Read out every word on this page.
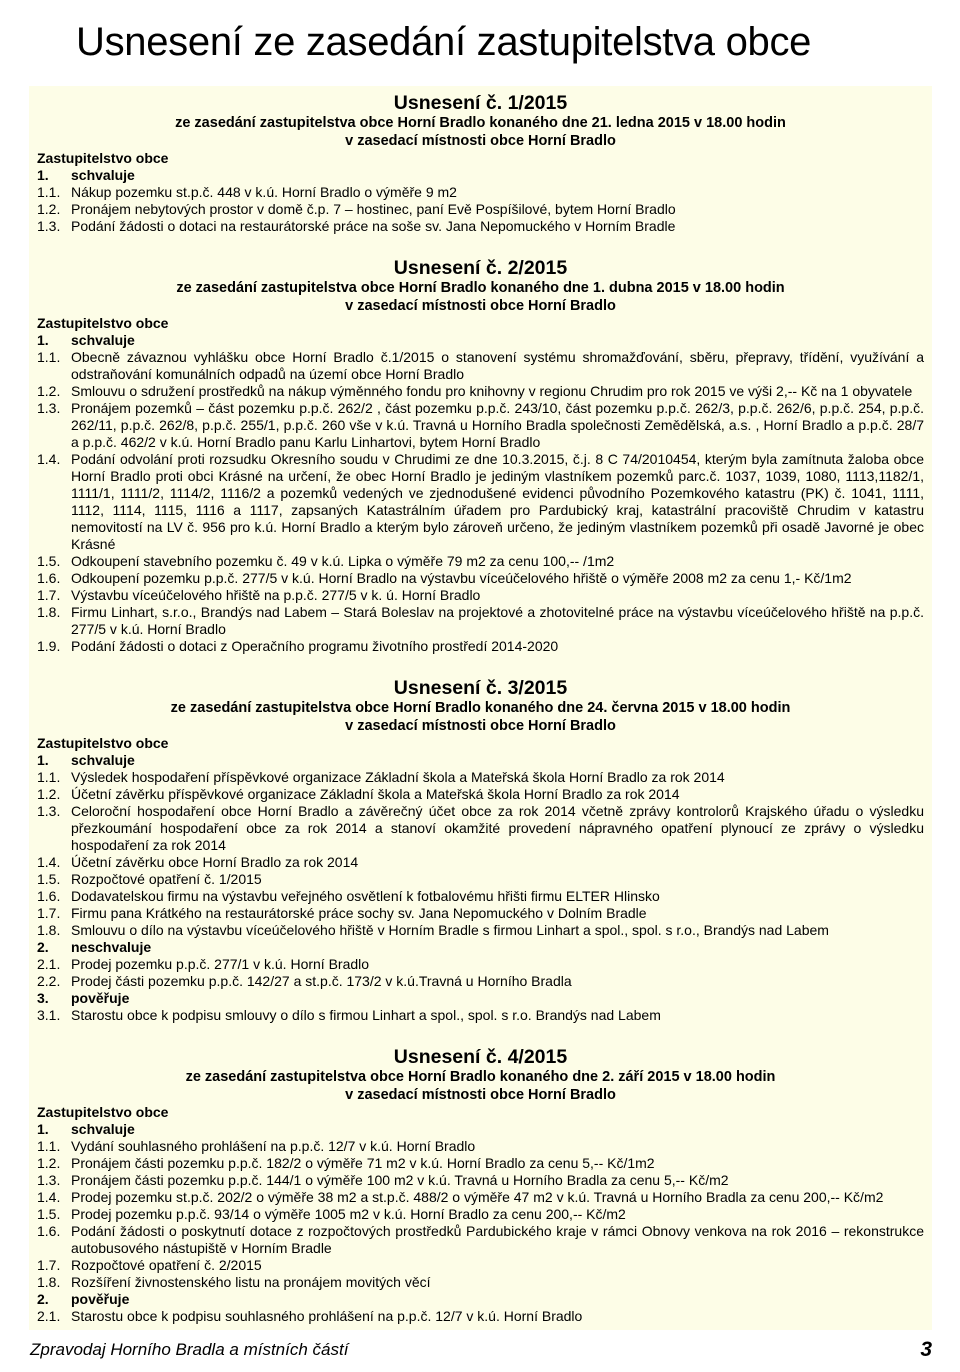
Usnesení ze zasedání zastupitelstva obce
Usnesení č. 1/2015
ze zasedání zastupitelstva obce Horní Bradlo konaného dne 21. ledna 2015 v 18.00 hodin
v zasedací místnosti obce Horní Bradlo
Zastupitelstvo obce
1.	schvaluje
1.1. Nákup pozemku st.p.č. 448 v k.ú. Horní Bradlo o výměře 9 m2
1.2. Pronájem nebytových prostor v domě č.p. 7 – hostinec, paní Evě Pospíšilové, bytem Horní Bradlo
1.3. Podání žádosti o dotaci na restaurátorské práce na soše sv. Jana Nepomuckého v Horním Bradle
Usnesení č. 2/2015
ze zasedání zastupitelstva obce Horní Bradlo konaného dne 1. dubna 2015 v 18.00 hodin
v zasedací místnosti obce Horní Bradlo
Zastupitelstvo obce
1.	schvaluje
1.1. Obecně závaznou vyhlášku obce Horní Bradlo č.1/2015 o stanovení systému shromažďování, sběru, přepravy, třídění, využívání a odstraňování komunálních odpadů na území obce Horní Bradlo
1.2. Smlouvu o sdružení prostředků na nákup výměnného fondu pro knihovny v regionu Chrudim pro rok 2015 ve výši 2,-- Kč na 1 obyvatele
1.3. Pronájem pozemků – část pozemku p.p.č. 262/2 , část pozemku p.p.č. 243/10, část pozemku p.p.č. 262/3, p.p.č. 262/6, p.p.č. 254, p.p.č. 262/11, p.p.č. 262/8, p.p.č. 255/1, p.p.č. 260 vše v k.ú. Travná u Horního Bradla společnosti Zemědělská, a.s. , Horní Bradlo a p.p.č. 28/7 a p.p.č. 462/2 v k.ú. Horní Bradlo panu Karlu Linhartovi, bytem Horní Bradlo
1.4. Podání odvolání proti rozsudku Okresního soudu v Chrudimi ze dne 10.3.2015, č.j. 8 C 74/2010454, kterým byla zamítnuta žaloba obce Horní Bradlo proti obci Krásné na určení, že obec Horní Bradlo je jediným vlastníkem pozemků parc.č. 1037, 1039, 1080, 1113,1182/1, 1111/1, 1111/2, 1114/2, 1116/2 a pozemků vedených ve zjednodušené evidenci původního Pozemkového katastru (PK) č. 1041, 1111, 1112, 1114, 1115, 1116 a 1117, zapsaných Katastrálním úřadem pro Pardubický kraj, katastrální pracoviště Chrudim v katastru nemovitostí na LV č. 956 pro k.ú. Horní Bradlo a kterým bylo zároveň určeno, že jediným vlastníkem pozemků při osadě Javorné je obec Krásné
1.5. Odkoupení stavebního pozemku č. 49 v k.ú. Lipka o výměře 79 m2 za cenu 100,-- /1m2
1.6. Odkoupení pozemku p.p.č. 277/5 v k.ú. Horní Bradlo na výstavbu víceúčelového hřiště o výměře 2008 m2 za cenu 1,- Kč/1m2
1.7. Výstavbu víceúčelového hřiště na p.p.č. 277/5 v k. ú. Horní Bradlo
1.8. Firmu Linhart, s.r.o., Brandýs nad Labem – Stará Boleslav na projektové a zhotovitelné práce na výstavbu víceúčelového hřiště na p.p.č. 277/5 v k.ú. Horní Bradlo
1.9. Podání žádosti o dotaci z Operačního programu životního prostředí 2014-2020
Usnesení č. 3/2015
ze zasedání zastupitelstva obce Horní Bradlo konaného dne 24. června 2015 v 18.00 hodin
v zasedací místnosti obce Horní Bradlo
Zastupitelstvo obce
1.	schvaluje
1.1. Výsledek hospodaření příspěvkové organizace Základní škola a Mateřská škola Horní Bradlo za rok 2014
1.2. Účetní závěrku příspěvkové organizace Základní škola a Mateřská škola Horní Bradlo za rok 2014
1.3. Celoroční hospodaření obce Horní Bradlo a závěrečný účet obce za rok 2014 včetně zprávy kontrolorů Krajského úřadu o výsledku přezkoumání hospodaření obce za rok 2014 a stanoví okamžité provedení nápravného opatření plynoucí ze zprávy o výsledku hospodaření za rok 2014
1.4. Účetní závěrku obce Horní Bradlo za rok 2014
1.5. Rozpočtové opatření č. 1/2015
1.6. Dodavatelskou firmu na výstavbu veřejného osvětlení k fotbalovému hřišti firmu ELTER Hlinsko
1.7. Firmu pana Krátkého na restaurátorské práce sochy sv. Jana Nepomuckého v Dolním Bradle
1.8. Smlouvu o dílo na výstavbu víceúčelového hřiště v Horním Bradle s firmou Linhart a spol., spol. s r.o., Brandýs nad Labem
2.	neschvaluje
2.1. Prodej pozemku p.p.č. 277/1 v k.ú. Horní Bradlo
2.2. Prodej části pozemku p.p.č. 142/27 a st.p.č. 173/2 v k.ú.Travná u Horního Bradla
3.	pověřuje
3.1. Starostu obce k podpisu smlouvy o dílo s firmou Linhart a spol., spol. s r.o. Brandýs nad Labem
Usnesení č. 4/2015
ze zasedání zastupitelstva obce Horní Bradlo konaného dne 2. září 2015 v 18.00 hodin
v zasedací místnosti obce Horní Bradlo
Zastupitelstvo obce
1.	schvaluje
1.1. Vydání souhlasného prohlášení na p.p.č. 12/7 v k.ú. Horní Bradlo
1.2. Pronájem části pozemku p.p.č. 182/2 o výměře 71 m2 v k.ú. Horní Bradlo za cenu 5,-- Kč/1m2
1.3. Pronájem části pozemku p.p.č. 144/1 o výměře 100 m2 v k.ú. Travná u Horního Bradla za cenu 5,-- Kč/m2
1.4. Prodej pozemku st.p.č. 202/2 o výměře 38 m2 a st.p.č. 488/2 o výměře 47 m2 v k.ú. Travná u Horního Bradla za cenu 200,-- Kč/m2
1.5. Prodej pozemku p.p.č. 93/14 o výměře 1005 m2 v k.ú. Horní Bradlo za cenu 200,-- Kč/m2
1.6. Podání žádosti o poskytnutí dotace z rozpočtových prostředků Pardubického kraje v rámci Obnovy venkova na rok 2016 – rekonstrukce autobusového nástupiště v Horním Bradle
1.7. Rozpočtové opatření č. 2/2015
1.8. Rozšíření živnostenského listu na pronájem movitých věcí
2.	pověřuje
2.1. Starostu obce k podpisu souhlasného prohlášení na p.p.č. 12/7 v k.ú. Horní Bradlo
Zpravodaj Horního Bradla a místních částí	3
